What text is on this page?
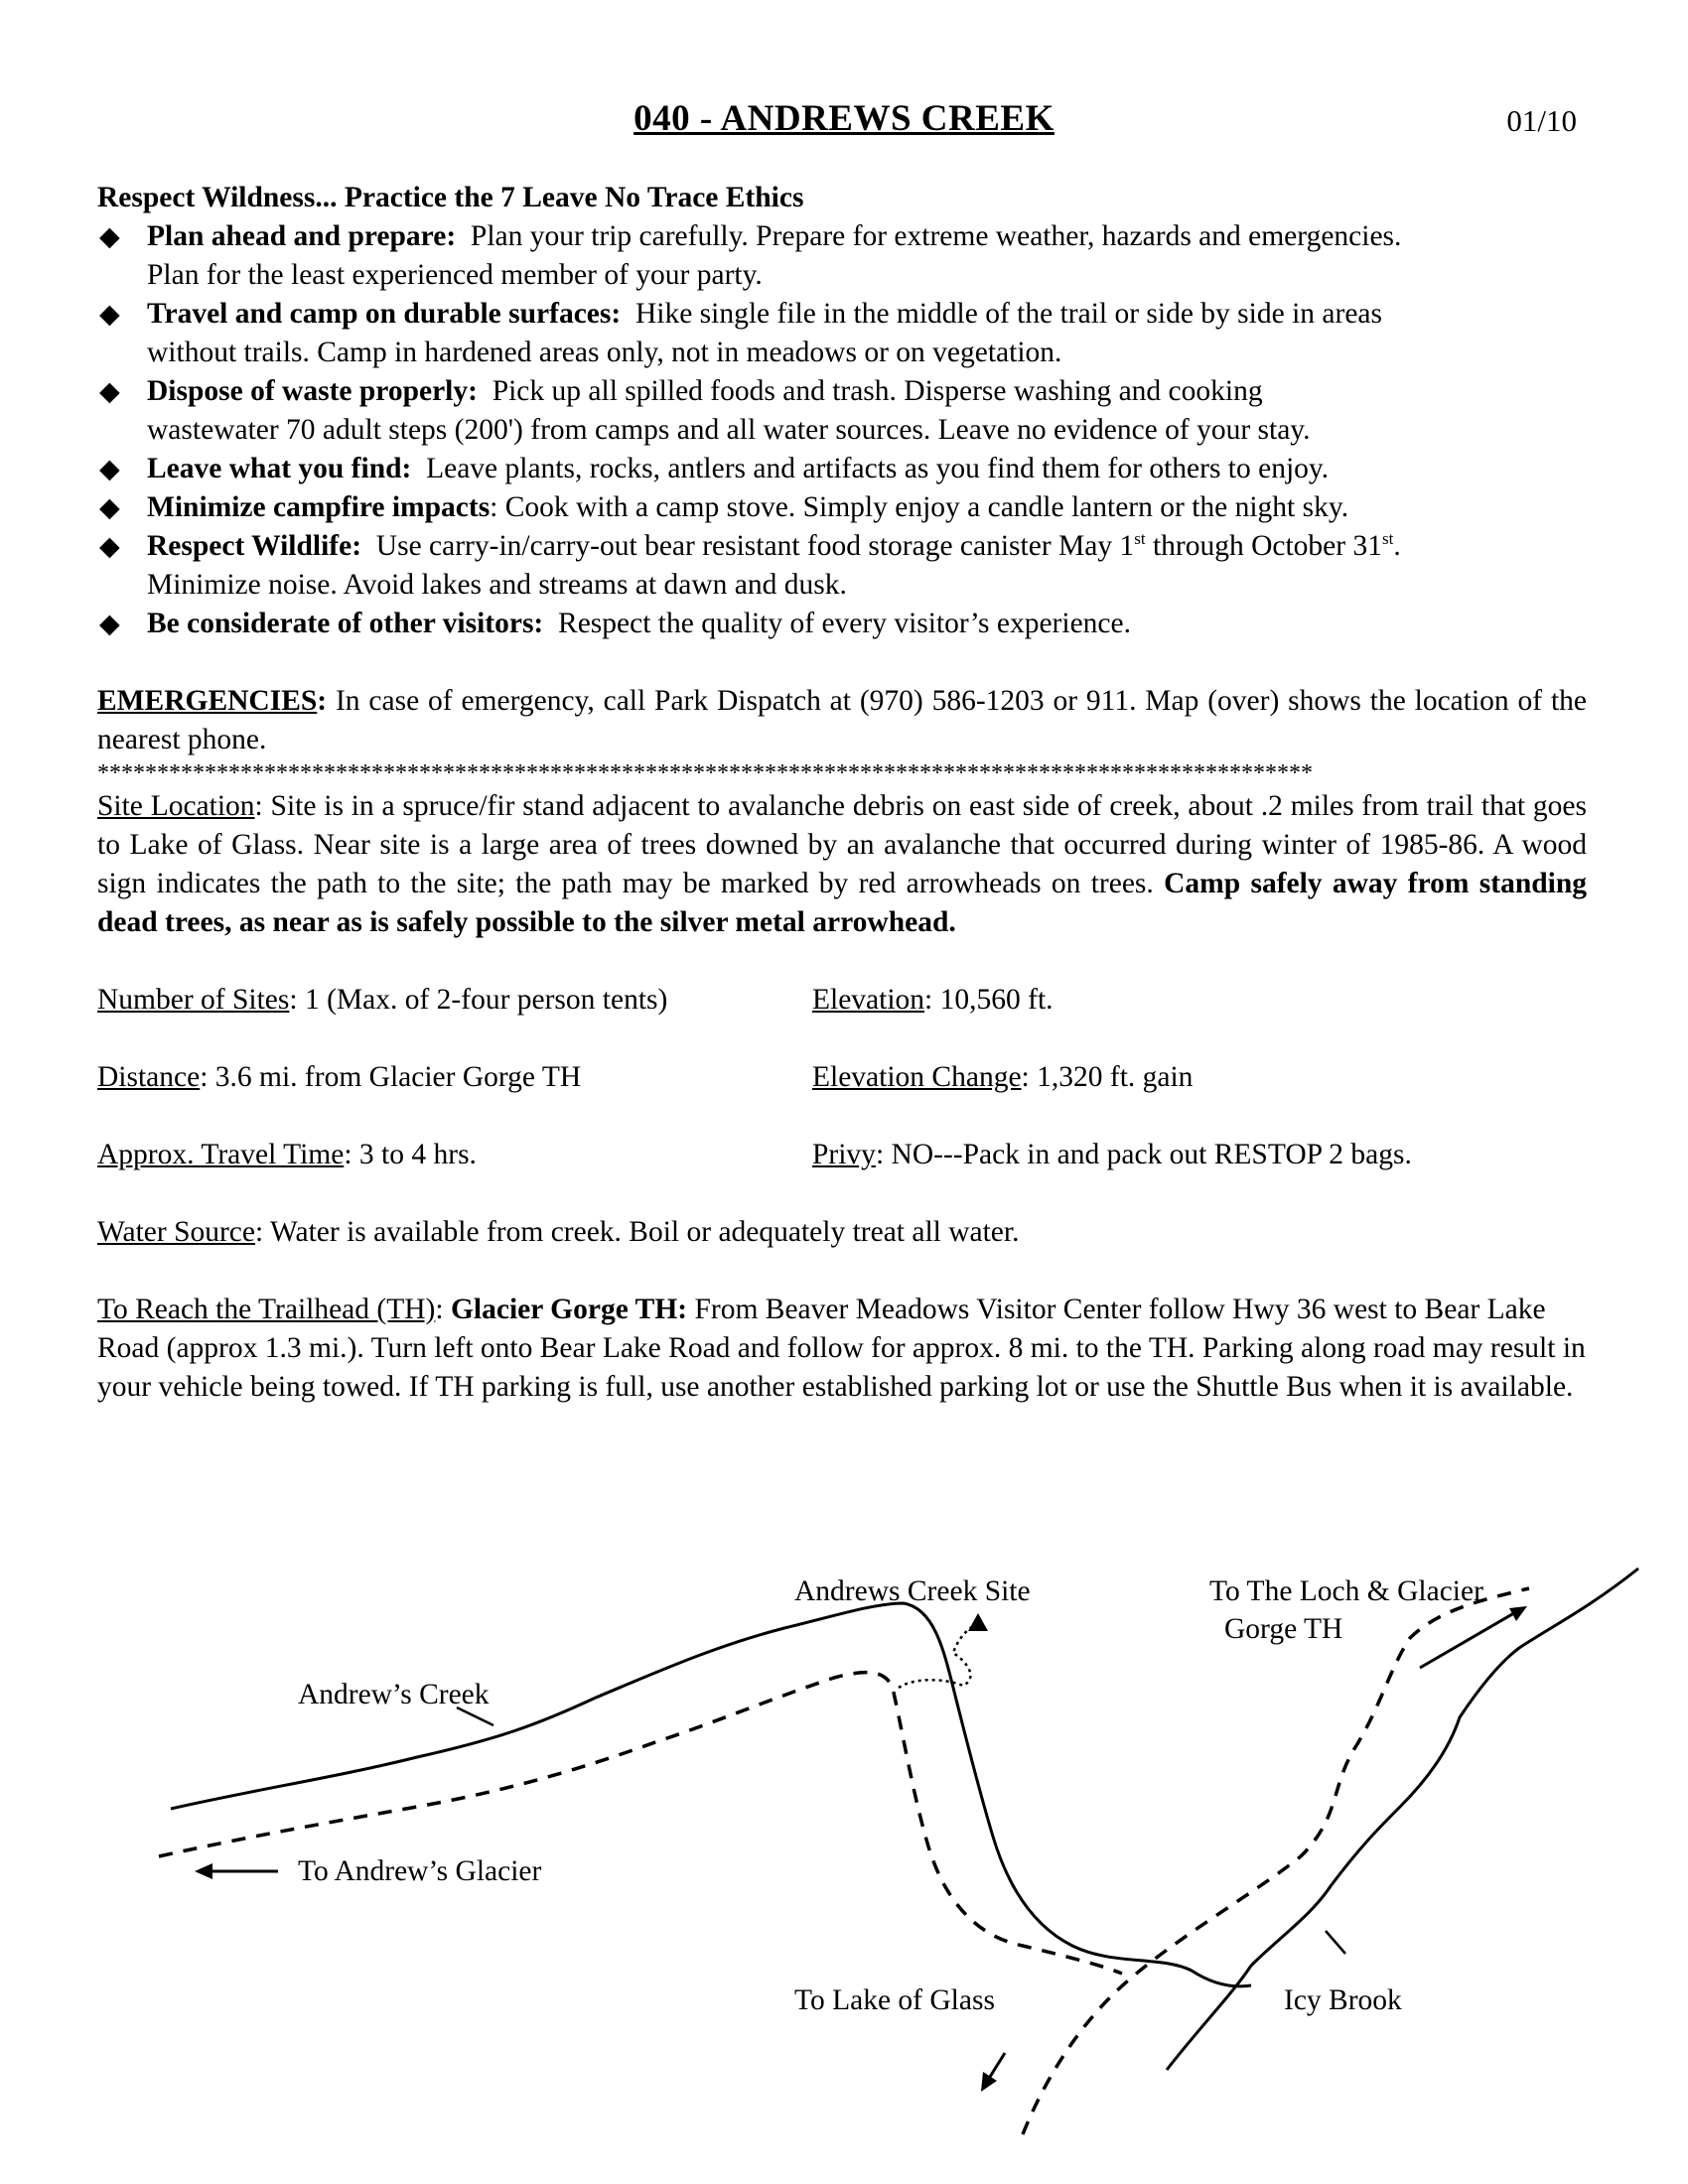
040 - ANDREWS CREEK	01/10

Respect Wildness... Practice the 7 Leave No Trace Ethics

◆ Plan ahead and prepare: Plan your trip carefully. Prepare for extreme weather, hazards and emergencies.
Plan for the least experienced member of your party.
◆ Travel and camp on durable surfaces: Hike single file in the middle of the trail or side by side in areas
without trails. Camp in hardened areas only, not in meadows or on vegetation.
◆ Dispose of waste properly: Pick up all spilled foods and trash. Disperse washing and cooking
wastewater 70 adult steps (200') from camps and all water sources. Leave no evidence of your stay.
◆ Leave what you find: Leave plants, rocks, antlers and artifacts as you find them for others to enjoy.
◆ Minimize campfire impacts: Cook with a camp stove. Simply enjoy a candle lantern or the night sky.
◆ Respect Wildlife: Use carry-in/carry-out bear resistant food storage canister May 1st through October 31st.
Minimize noise. Avoid lakes and streams at dawn and dusk.
◆ Be considerate of other visitors: Respect the quality of every visitor’s experience.

EMERGENCIES: In case of emergency, call Park Dispatch at (970) 586-1203 or 911. Map (over) shows the location of the nearest phone.

******************************************************************************************************

Site Location: Site is in a spruce/fir stand adjacent to avalanche debris on east side of creek, about .2 miles from trail that goes to Lake of Glass. Near site is a large area of trees downed by an avalanche that occurred during winter of 1985-86. A wood sign indicates the path to the site; the path may be marked by red arrowheads on trees. Camp safely away from standing dead trees, as near as is safely possible to the silver metal arrowhead.

Number of Sites: 1 (Max. of 2-four person tents)	Elevation: 10,560 ft.
Distance: 3.6 mi. from Glacier Gorge TH	Elevation Change: 1,320 ft. gain
Approx. Travel Time: 3 to 4 hrs.	Privy: NO---Pack in and pack out RESTOP 2 bags.

Water Source: Water is available from creek. Boil or adequately treat all water.

To Reach the Trailhead (TH): Glacier Gorge TH: From Beaver Meadows Visitor Center follow Hwy 36 west to Bear Lake Road (approx 1.3 mi.). Turn left onto Bear Lake Road and follow for approx. 8 mi. to the TH. Parking along road may result in your vehicle being towed. If TH parking is full, use another established parking lot or use the Shuttle Bus when it is available.

Andrews Creek Site	To The Loch & Glacier
Gorge TH
Andrew’s Creek
To Andrew’s Glacier
To Lake of Glass	Icy Brook
